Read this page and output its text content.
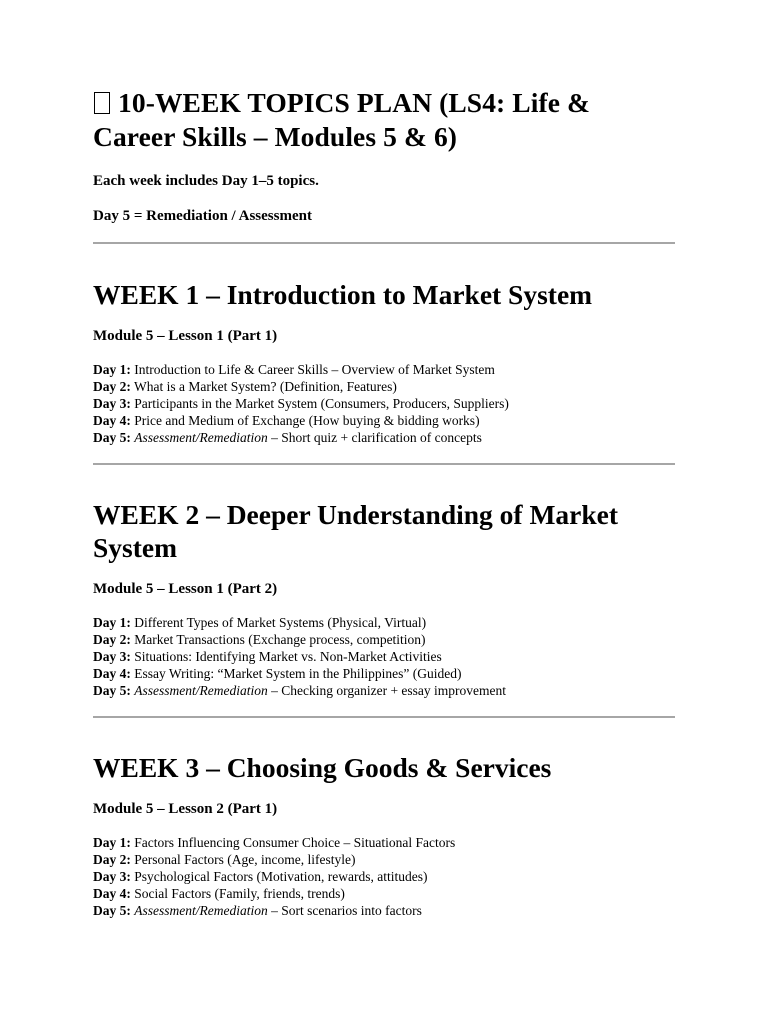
10-WEEK TOPICS PLAN (LS4: Life & Career Skills – Modules 5 & 6)

Each week includes Day 1–5 topics.

Day 5 = Remediation / Assessment

WEEK 1 – Introduction to Market System

Module 5 – Lesson 1 (Part 1)

Day 1: Introduction to Life & Career Skills – Overview of Market System
Day 2: What is a Market System? (Definition, Features)
Day 3: Participants in the Market System (Consumers, Producers, Suppliers)
Day 4: Price and Medium of Exchange (How buying & bidding works)
Day 5: Assessment/Remediation – Short quiz + clarification of concepts
WEEK 2 – Deeper Understanding of Market System

Module 5 – Lesson 1 (Part 2)

Day 1: Different Types of Market Systems (Physical, Virtual)
Day 2: Market Transactions (Exchange process, competition)
Day 3: Situations: Identifying Market vs. Non-Market Activities
Day 4: Essay Writing: “Market System in the Philippines” (Guided)
Day 5: Assessment/Remediation – Checking organizer + essay improvement
WEEK 3 – Choosing Goods & Services

Module 5 – Lesson 2 (Part 1)

Day 1: Factors Influencing Consumer Choice – Situational Factors
Day 2: Personal Factors (Age, income, lifestyle)
Day 3: Psychological Factors (Motivation, rewards, attitudes)
Day 4: Social Factors (Family, friends, trends)
Day 5: Assessment/Remediation – Sort scenarios into factors
